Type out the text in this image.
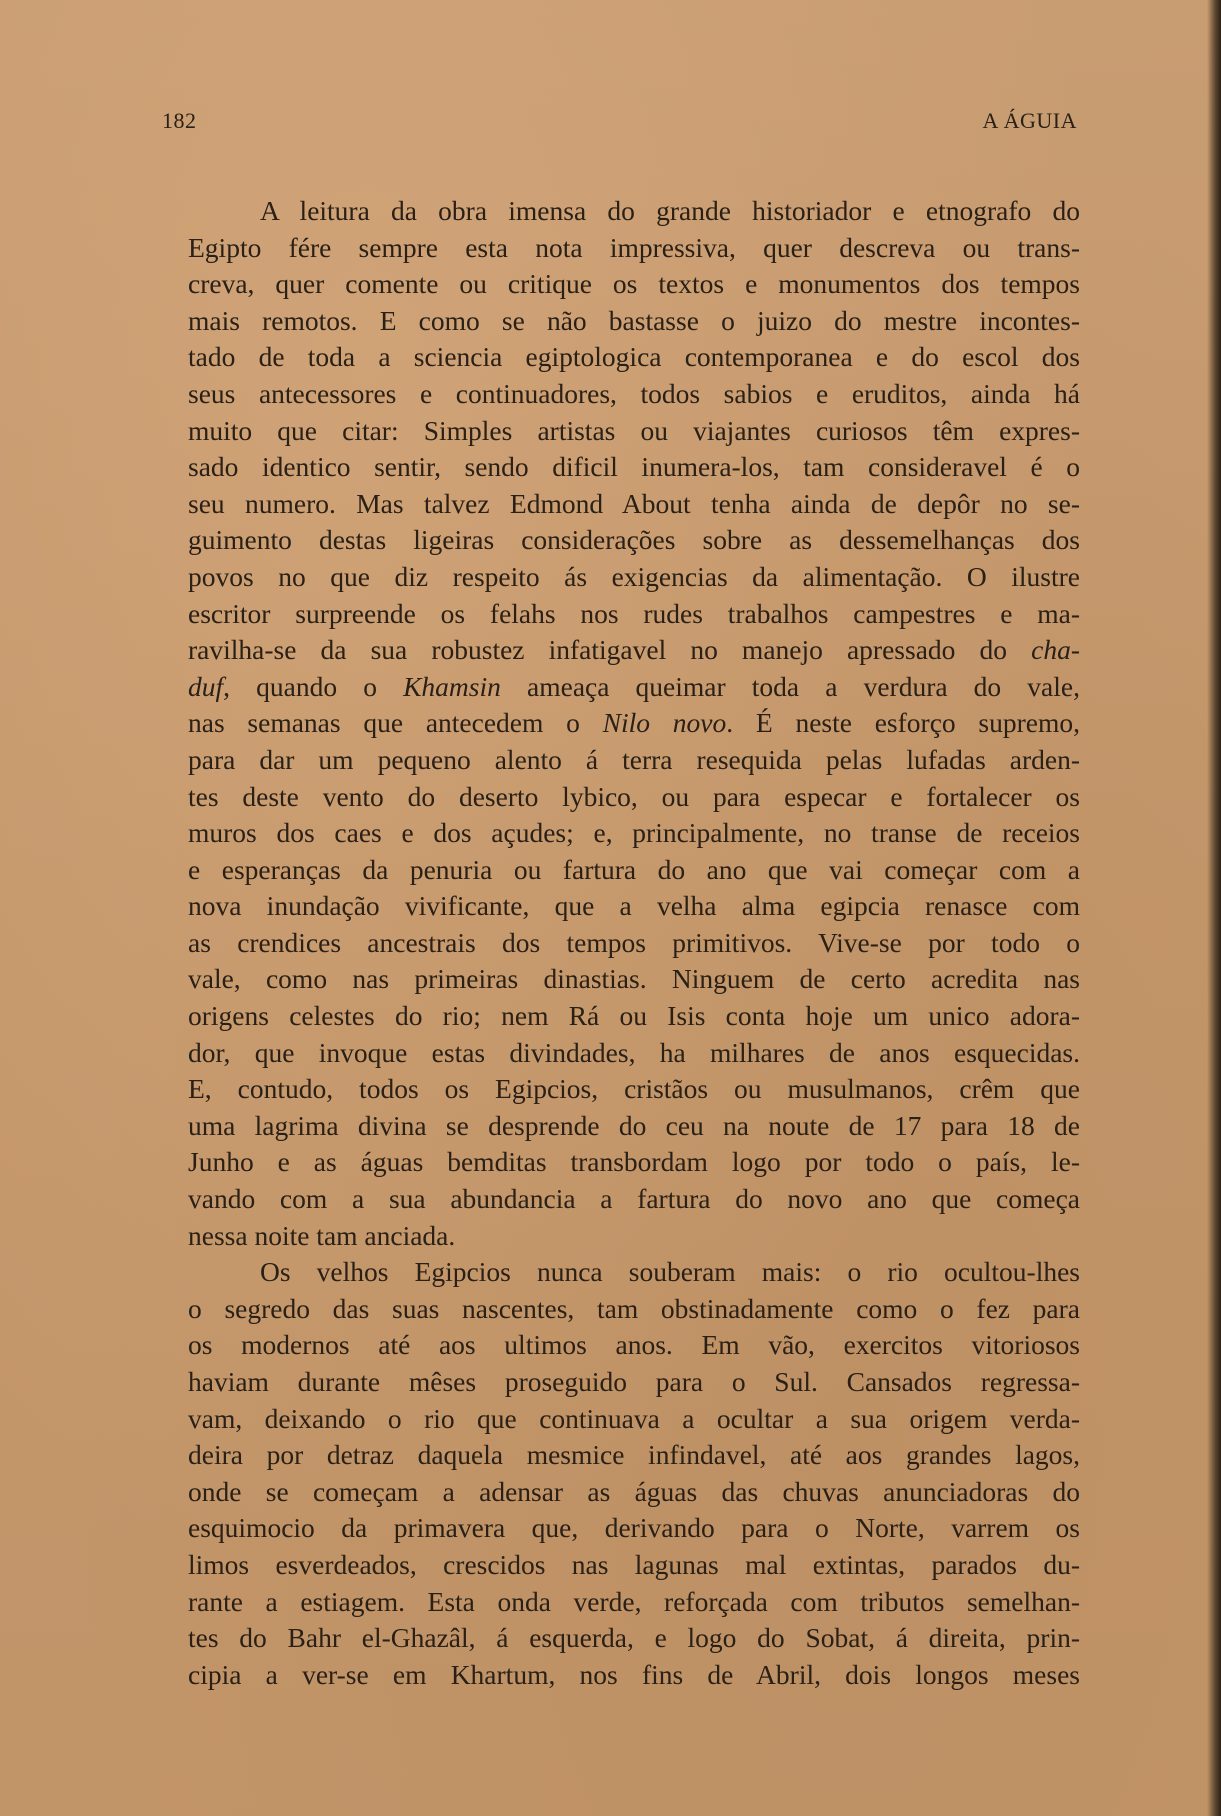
182	A ÁGUIA
A leitura da obra imensa do grande historiador e etnografo do
Egipto fére sempre esta nota impressiva, quer descreva ou trans-
creva, quer comente ou critique os textos e monumentos dos tempos
mais remotos. E como se não bastasse o juizo do mestre incontes-
tado de toda a sciencia egiptologica contemporanea e do escol dos
seus antecessores e continuadores, todos sabios e eruditos, ainda há
muito que citar: Simples artistas ou viajantes curiosos têm expres-
sado identico sentir, sendo dificil inumera-los, tam consideravel é o
seu numero. Mas talvez Edmond About tenha ainda de depôr no se-
guimento destas ligeiras considerações sobre as dessemelhanças dos
povos no que diz respeito ás exigencias da alimentação. O ilustre
escritor surpreende os felahs nos rudes trabalhos campestres e ma-
ravilha-se da sua robustez infatigavel no manejo apressado do cha-
duf, quando o Khamsin ameaça queimar toda a verdura do vale,
nas semanas que antecedem o Nilo novo. É neste esforço supremo,
para dar um pequeno alento á terra resequida pelas lufadas arden-
tes deste vento do deserto lybico, ou para especar e fortalecer os
muros dos caes e dos açudes; e, principalmente, no transe de receios
e esperanças da penuria ou fartura do ano que vai começar com a
nova inundação vivificante, que a velha alma egipcia renasce com
as crendices ancestrais dos tempos primitivos. Vive-se por todo o
vale, como nas primeiras dinastias. Ninguem de certo acredita nas
origens celestes do rio; nem Rá ou Isis conta hoje um unico adora-
dor, que invoque estas divindades, ha milhares de anos esquecidas.
E, contudo, todos os Egipcios, cristãos ou musulmanos, crêm que
uma lagrima divina se desprende do ceu na noute de 17 para 18 de
Junho e as águas bemditas transbordam logo por todo o país, le-
vando com a sua abundancia a fartura do novo ano que começa
nessa noite tam anciada.
Os velhos Egipcios nunca souberam mais: o rio ocultou-lhes
o segredo das suas nascentes, tam obstinadamente como o fez para
os modernos até aos ultimos anos. Em vão, exercitos vitoriosos
haviam durante mêses proseguido para o Sul. Cansados regressa-
vam, deixando o rio que continuava a ocultar a sua origem verda-
deira por detraz daquela mesmice infindavel, até aos grandes lagos,
onde se começam a adensar as águas das chuvas anunciadoras do
esquimocio da primavera que, derivando para o Norte, varrem os
limos esverdeados, crescidos nas lagunas mal extintas, parados du-
rante a estiagem. Esta onda verde, reforçada com tributos semelhan-
tes do Bahr el-Ghazâl, á esquerda, e logo do Sobat, á direita, prin-
cipia a ver-se em Khartum, nos fins de Abril, dois longos meses
